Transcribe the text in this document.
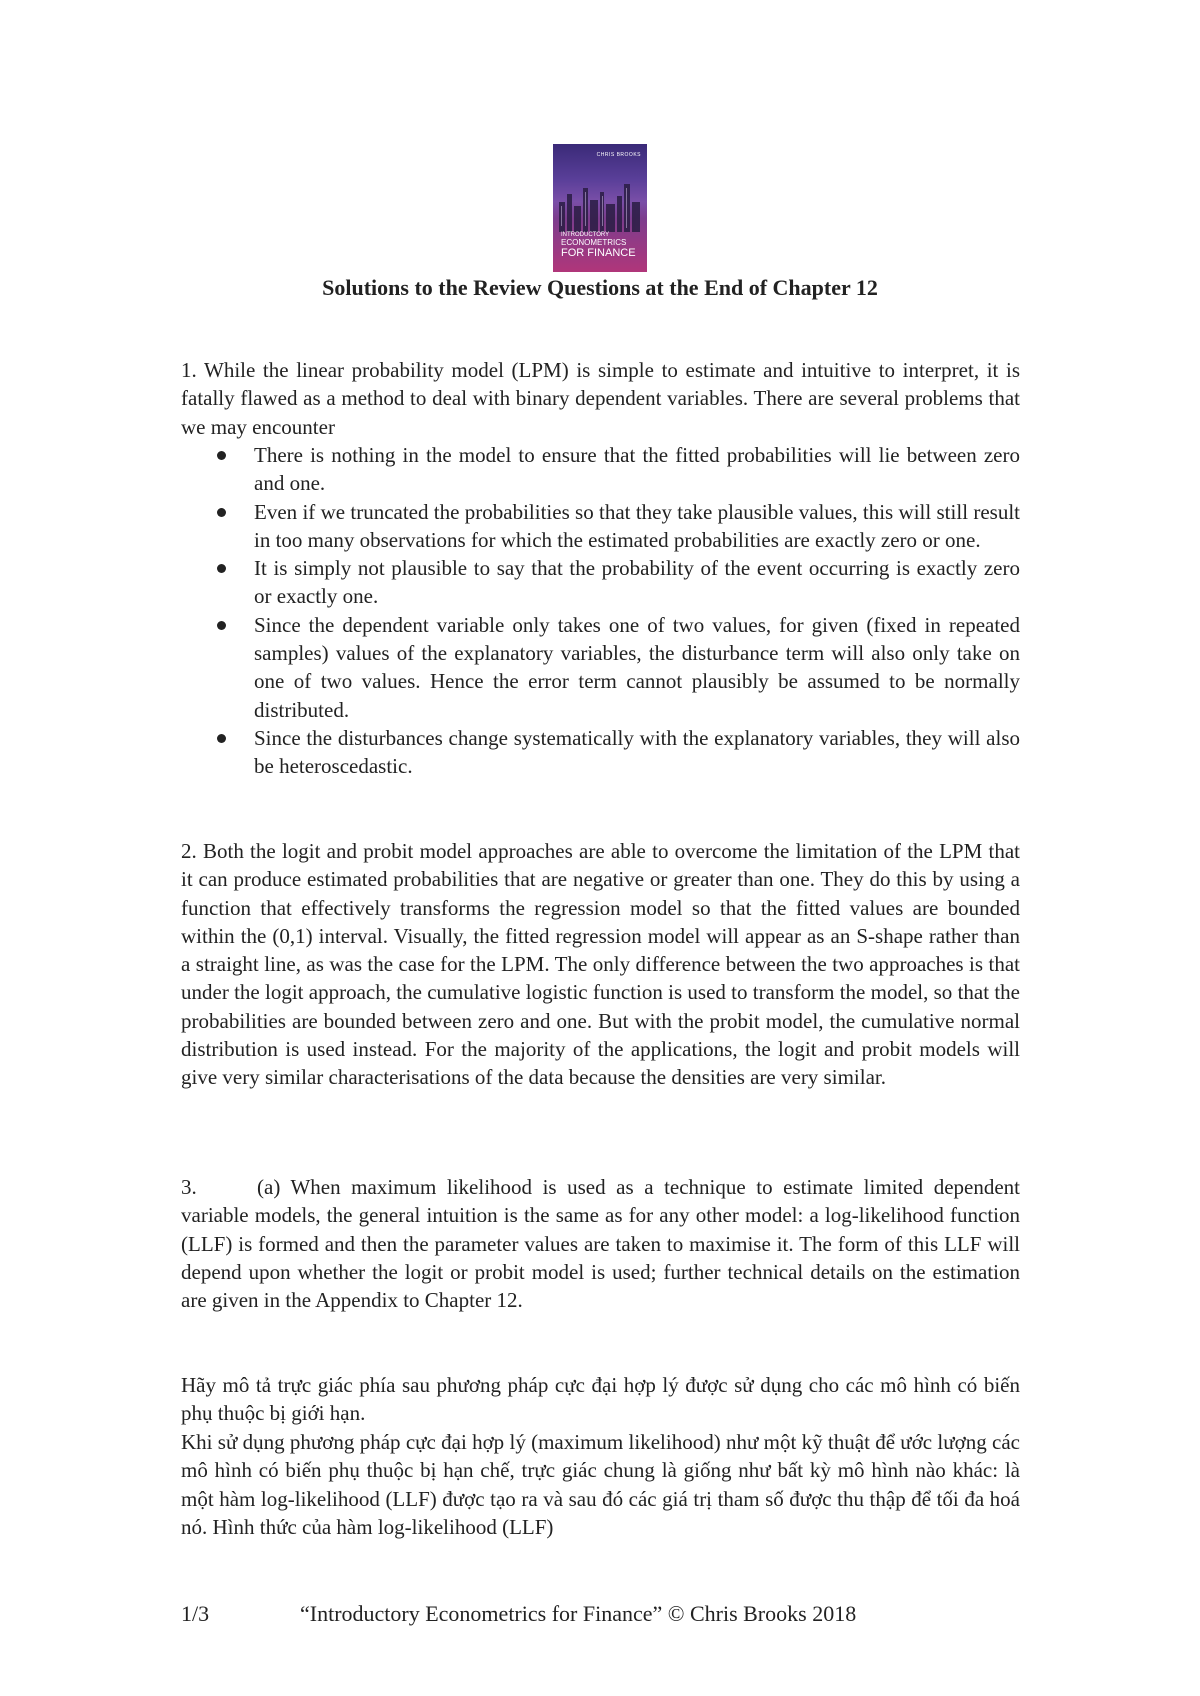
CHRIS BROOKS
INTRODUCTORY
ECONOMETRICS
FOR FINANCE
Solutions to the Review Questions at the End of Chapter 12

1. While the linear probability model (LPM) is simple to estimate and intuitive to interpret, it is fatally flawed as a method to deal with binary dependent variables. There are several problems that we may encounter

There is nothing in the model to ensure that the fitted probabilities will lie between zero and one.
Even if we truncated the probabilities so that they take plausible values, this will still result in too many observations for which the estimated probabilities are exactly zero or one.
It is simply not plausible to say that the probability of the event occurring is exactly zero or exactly one.
Since the dependent variable only takes one of two values, for given (fixed in repeated samples) values of the explanatory variables, the disturbance term will also only take on one of two values. Hence the error term cannot plausibly be assumed to be normally distributed.
Since the disturbances change systematically with the explanatory variables, they will also be heteroscedastic.

2. Both the logit and probit model approaches are able to overcome the limitation of the LPM that it can produce estimated probabilities that are negative or greater than one. They do this by using a function that effectively transforms the regression model so that the fitted values are bounded within the (0,1) interval. Visually, the fitted regression model will appear as an S-shape rather than a straight line, as was the case for the LPM. The only difference between the two approaches is that under the logit approach, the cumulative logistic function is used to transform the model, so that the probabilities are bounded between zero and one. But with the probit model, the cumulative normal distribution is used instead. For the majority of the applications, the logit and probit models will give very similar characterisations of the data because the densities are very similar.

3.	(a) When maximum likelihood is used as a technique to estimate limited dependent variable models, the general intuition is the same as for any other model: a log-likelihood function (LLF) is formed and then the parameter values are taken to maximise it. The form of this LLF will depend upon whether the logit or probit model is used; further technical details on the estimation are given in the Appendix to Chapter 12.

Hãy mô tả trực giác phía sau phương pháp cực đại hợp lý được sử dụng cho các mô hình có biến phụ thuộc bị giới hạn.

Khi sử dụng phương pháp cực đại hợp lý (maximum likelihood) như một kỹ thuật để ước lượng các mô hình có biến phụ thuộc bị hạn chế, trực giác chung là giống như bất kỳ mô hình nào khác: là một hàm log-likelihood (LLF) được tạo ra và sau đó các giá trị tham số được thu thập để tối đa hoá nó. Hình thức của hàm log-likelihood (LLF)

1/3	“Introductory Econometrics for Finance” © Chris Brooks 2018
